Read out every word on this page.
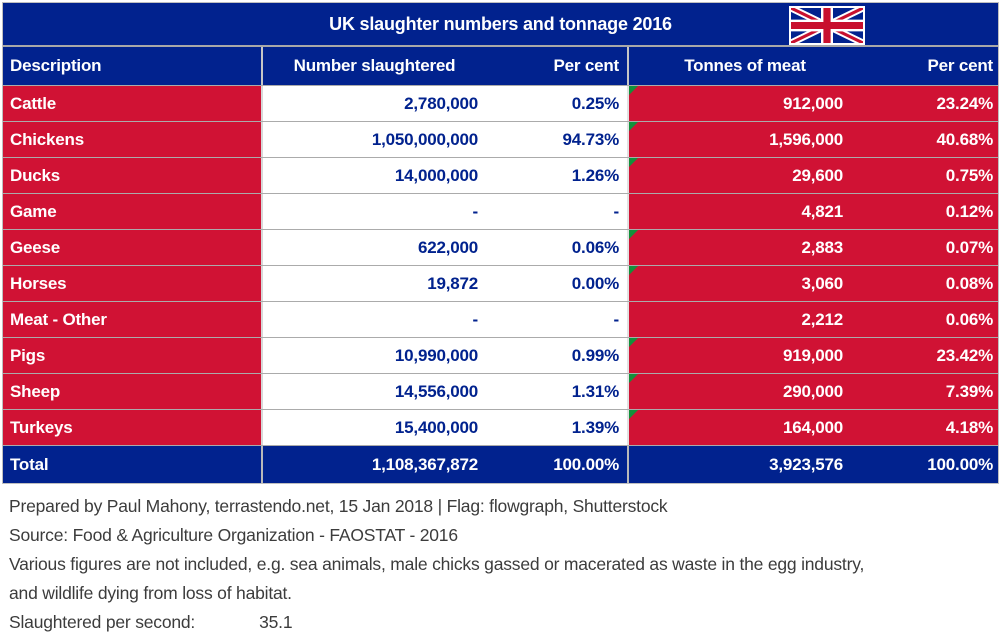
UK slaughter numbers and tonnage 2016
Description	Number slaughtered	Per cent	Tonnes of meat	Per cent
Cattle	2,780,000	0.25%	912,000	23.24%
Chickens	1,050,000,000	94.73%	1,596,000	40.68%
Ducks	14,000,000	1.26%	29,600	0.75%
Game	-	-	4,821	0.12%
Geese	622,000	0.06%	2,883	0.07%
Horses	19,872	0.00%	3,060	0.08%
Meat - Other	-	-	2,212	0.06%
Pigs	10,990,000	0.99%	919,000	23.42%
Sheep	14,556,000	1.31%	290,000	7.39%
Turkeys	15,400,000	1.39%	164,000	4.18%
Total	1,108,367,872	100.00%	3,923,576	100.00%
Prepared by Paul Mahony, terrastendo.net, 15 Jan 2018 | Flag: flowgraph, Shutterstock
Source: Food & Agriculture Organization - FAOSTAT - 2016
Various figures are not included, e.g. sea animals, male chicks gassed or macerated as waste in the egg industry,
and wildlife dying from loss of habitat.
Slaughtered per second:	35.1
